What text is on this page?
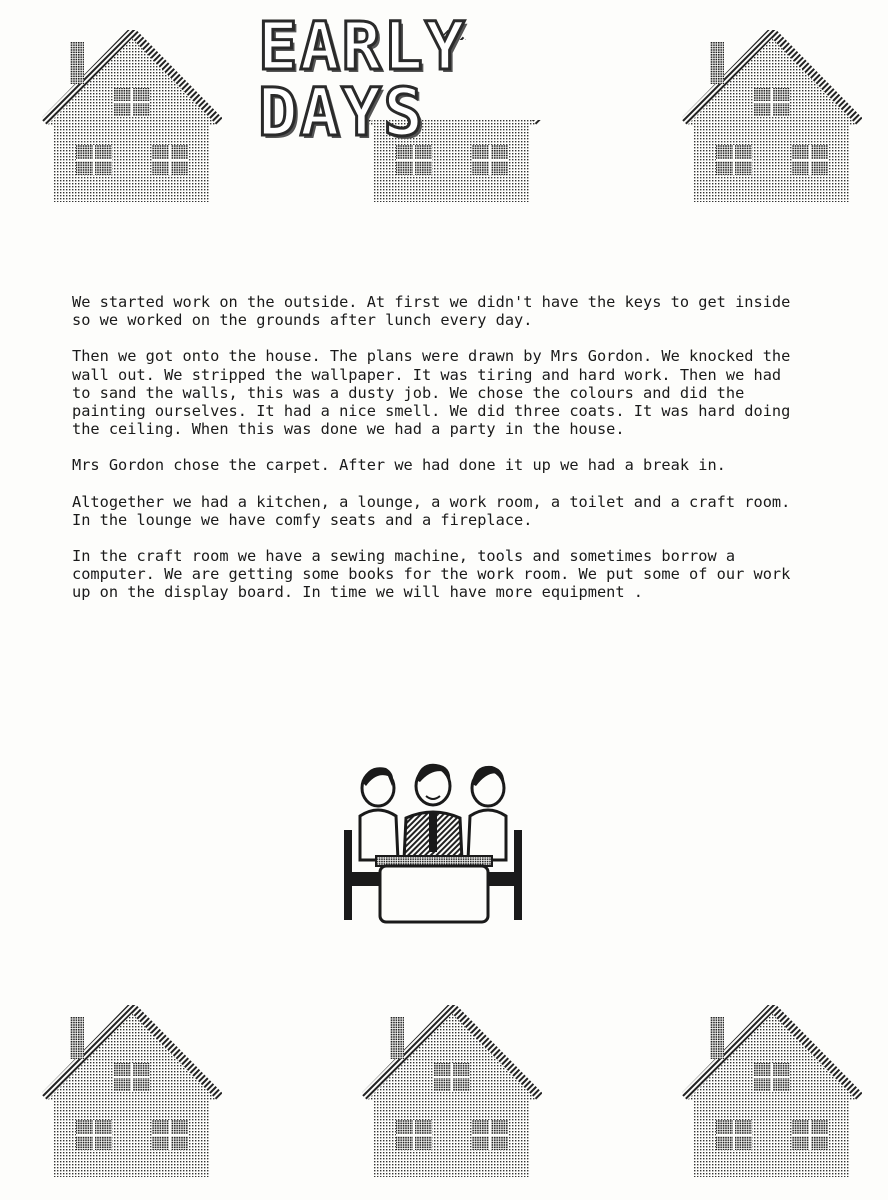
EARLY DAYS

We started work on the outside. At first we didn't have the keys to get inside so we worked on the grounds after lunch every day.

Then we got onto the house. The plans were drawn by Mrs Gordon. We knocked the wall out. We stripped the wallpaper. It was tiring and hard work. Then we had to sand the walls, this was a dusty job. We chose the colours and did the painting ourselves. It had a nice smell. We did three coats. It was hard doing the ceiling. When this was done we had a party in the house.

Mrs Gordon chose the carpet. After we had done it up we had a break in.

Altogether we had a kitchen, a lounge, a work room, a toilet and a craft room. In the lounge we have comfy seats and a fireplace.

In the craft room we have a sewing machine, tools and sometimes borrow a computer. We are getting some books for the work room. We put some of our work up on the display board. In time we will have more equipment .
